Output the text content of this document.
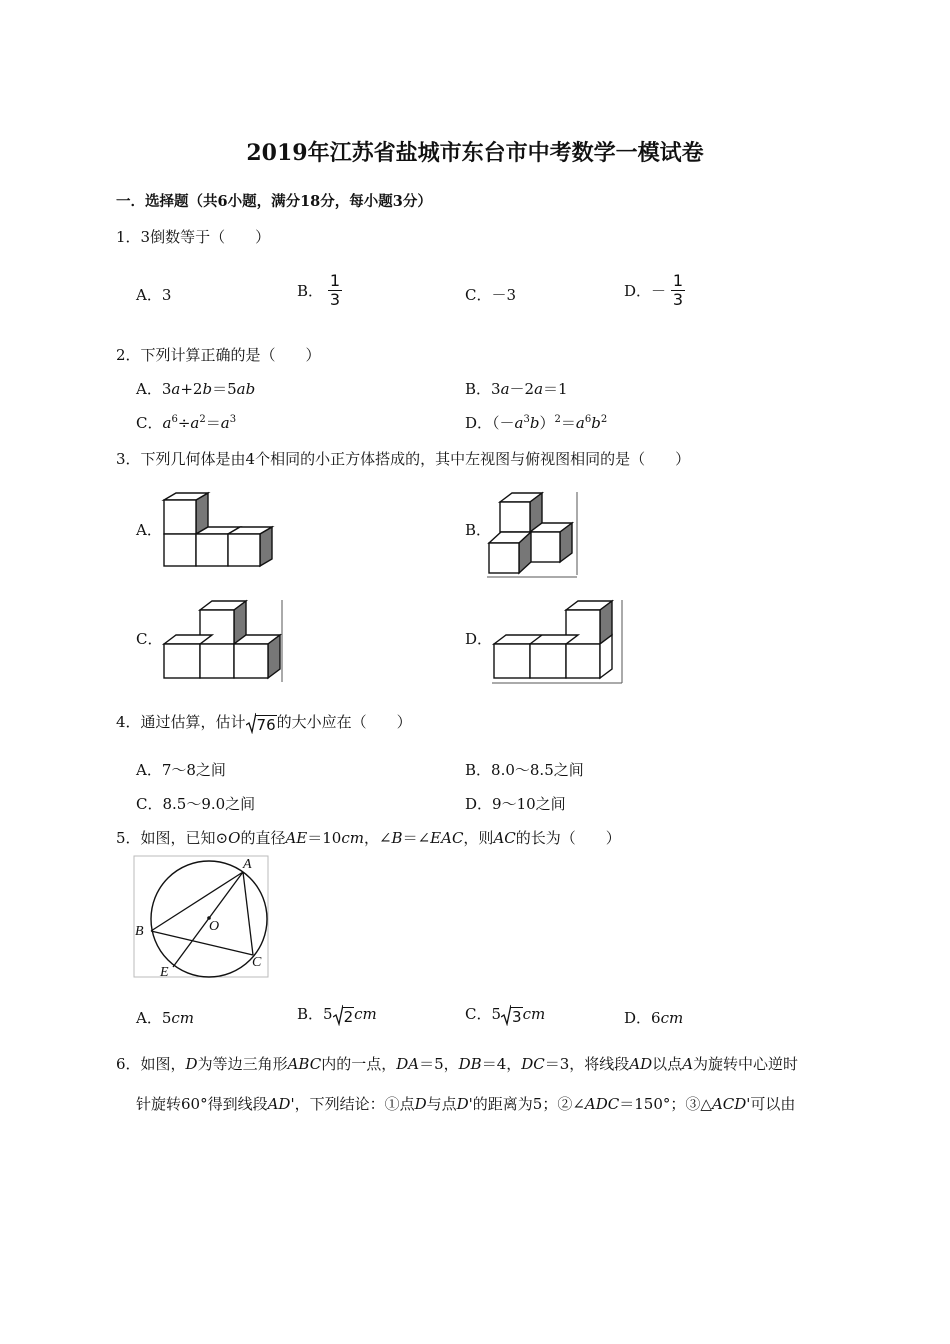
2019年江苏省盐城市东台市中考数学一模试卷
一．选择题（共6小题，满分18分，每小题3分）
1．3倒数等于（　　）
A．3	B． $\frac{1}{3}$	C．－3	D．－ $\frac{1}{3}$
2．下列计算正确的是（　　）
A．3a+2b＝5ab	B．3a－2a＝1
C．$a^6\div a^2=a^3$	D．$(-a^3b)^2=a^6b^2$
3．下列几何体是由4个相同的小正方体搭成的，其中左视图与俯视图相同的是（　　）
A．	B．
C．	D．
4．通过估算，估计 76 的大小应在（　　）
A．7～8之间	B．8.0～8.5之间
C．8.5～9.0之间	D．9～10之间
5．如图，已知⊙O的直径AE＝10cm，∠B＝∠EAC，则AC的长为（　　）
A
B
C
E
O
A．5cm	B．5 2 cm	C．5 3 cm	D．6cm
6．如图，D为等边三角形ABC内的一点，DA＝5，DB＝4，DC＝3，将线段AD以点A为旋转中心逆时
针旋转60°得到线段AD'，下列结论：①点D与点D'的距离为5；②∠ADC＝150°；③△ACD'可以由
